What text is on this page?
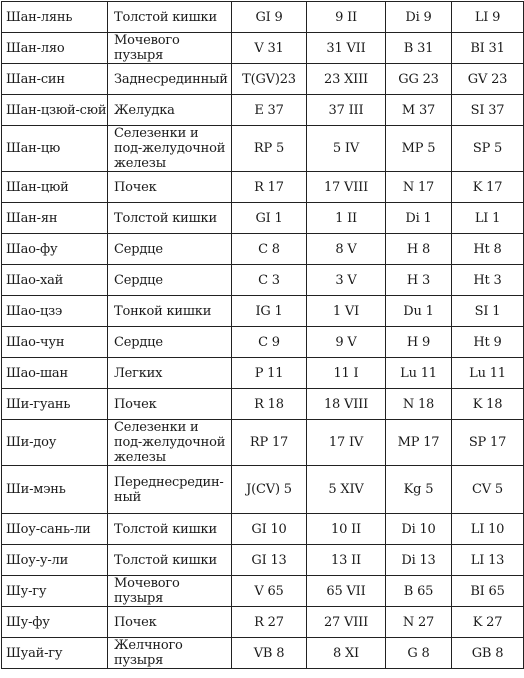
Шан-лянь	Толстой кишки	GI 9	9 II	Di 9	LI 9
Шан-ляо	Мочевого пузыря	V 31	31 VII	B 31	BI 31
Шан-син	Заднесрединный	T(GV)23	23 XIII	GG 23	GV 23
Шан-цзюй-сюй	Желудка	E 37	37 III	M 37	SI 37
Шан-цю	Селезенки и под-желудочной железы	RP 5	5 IV	MP 5	SP 5
Шан-цюй	Почек	R 17	17 VIII	N 17	K 17
Шан-ян	Толстой кишки	GI 1	1 II	Di 1	LI 1
Шао-фу	Сердце	C 8	8 V	H 8	Ht 8
Шао-хай	Сердце	C 3	3 V	H 3	Ht 3
Шао-цзэ	Тонкой кишки	IG 1	1 VI	Du 1	SI 1
Шао-чун	Сердце	C 9	9 V	H 9	Ht 9
Шао-шан	Легких	P 11	11 I	Lu 11	Lu 11
Ши-гуань	Почек	R 18	18 VIII	N 18	K 18
Ши-доу	Селезенки и под-желудочной железы	RP 17	17 IV	MP 17	SP 17
Ши-мэнь	Переднесредин-ный	J(CV) 5	5 XIV	Kg 5	CV 5
Шоу-сань-ли	Толстой кишки	GI 10	10 II	Di 10	LI 10
Шоу-у-ли	Толстой кишки	GI 13	13 II	Di 13	LI 13
Шу-гу	Мочевого пузыря	V 65	65 VII	B 65	BI 65
Шу-фу	Почек	R 27	27 VIII	N 27	K 27
Шуай-гу	Желчного пузыря	VB 8	8 XI	G 8	GB 8
